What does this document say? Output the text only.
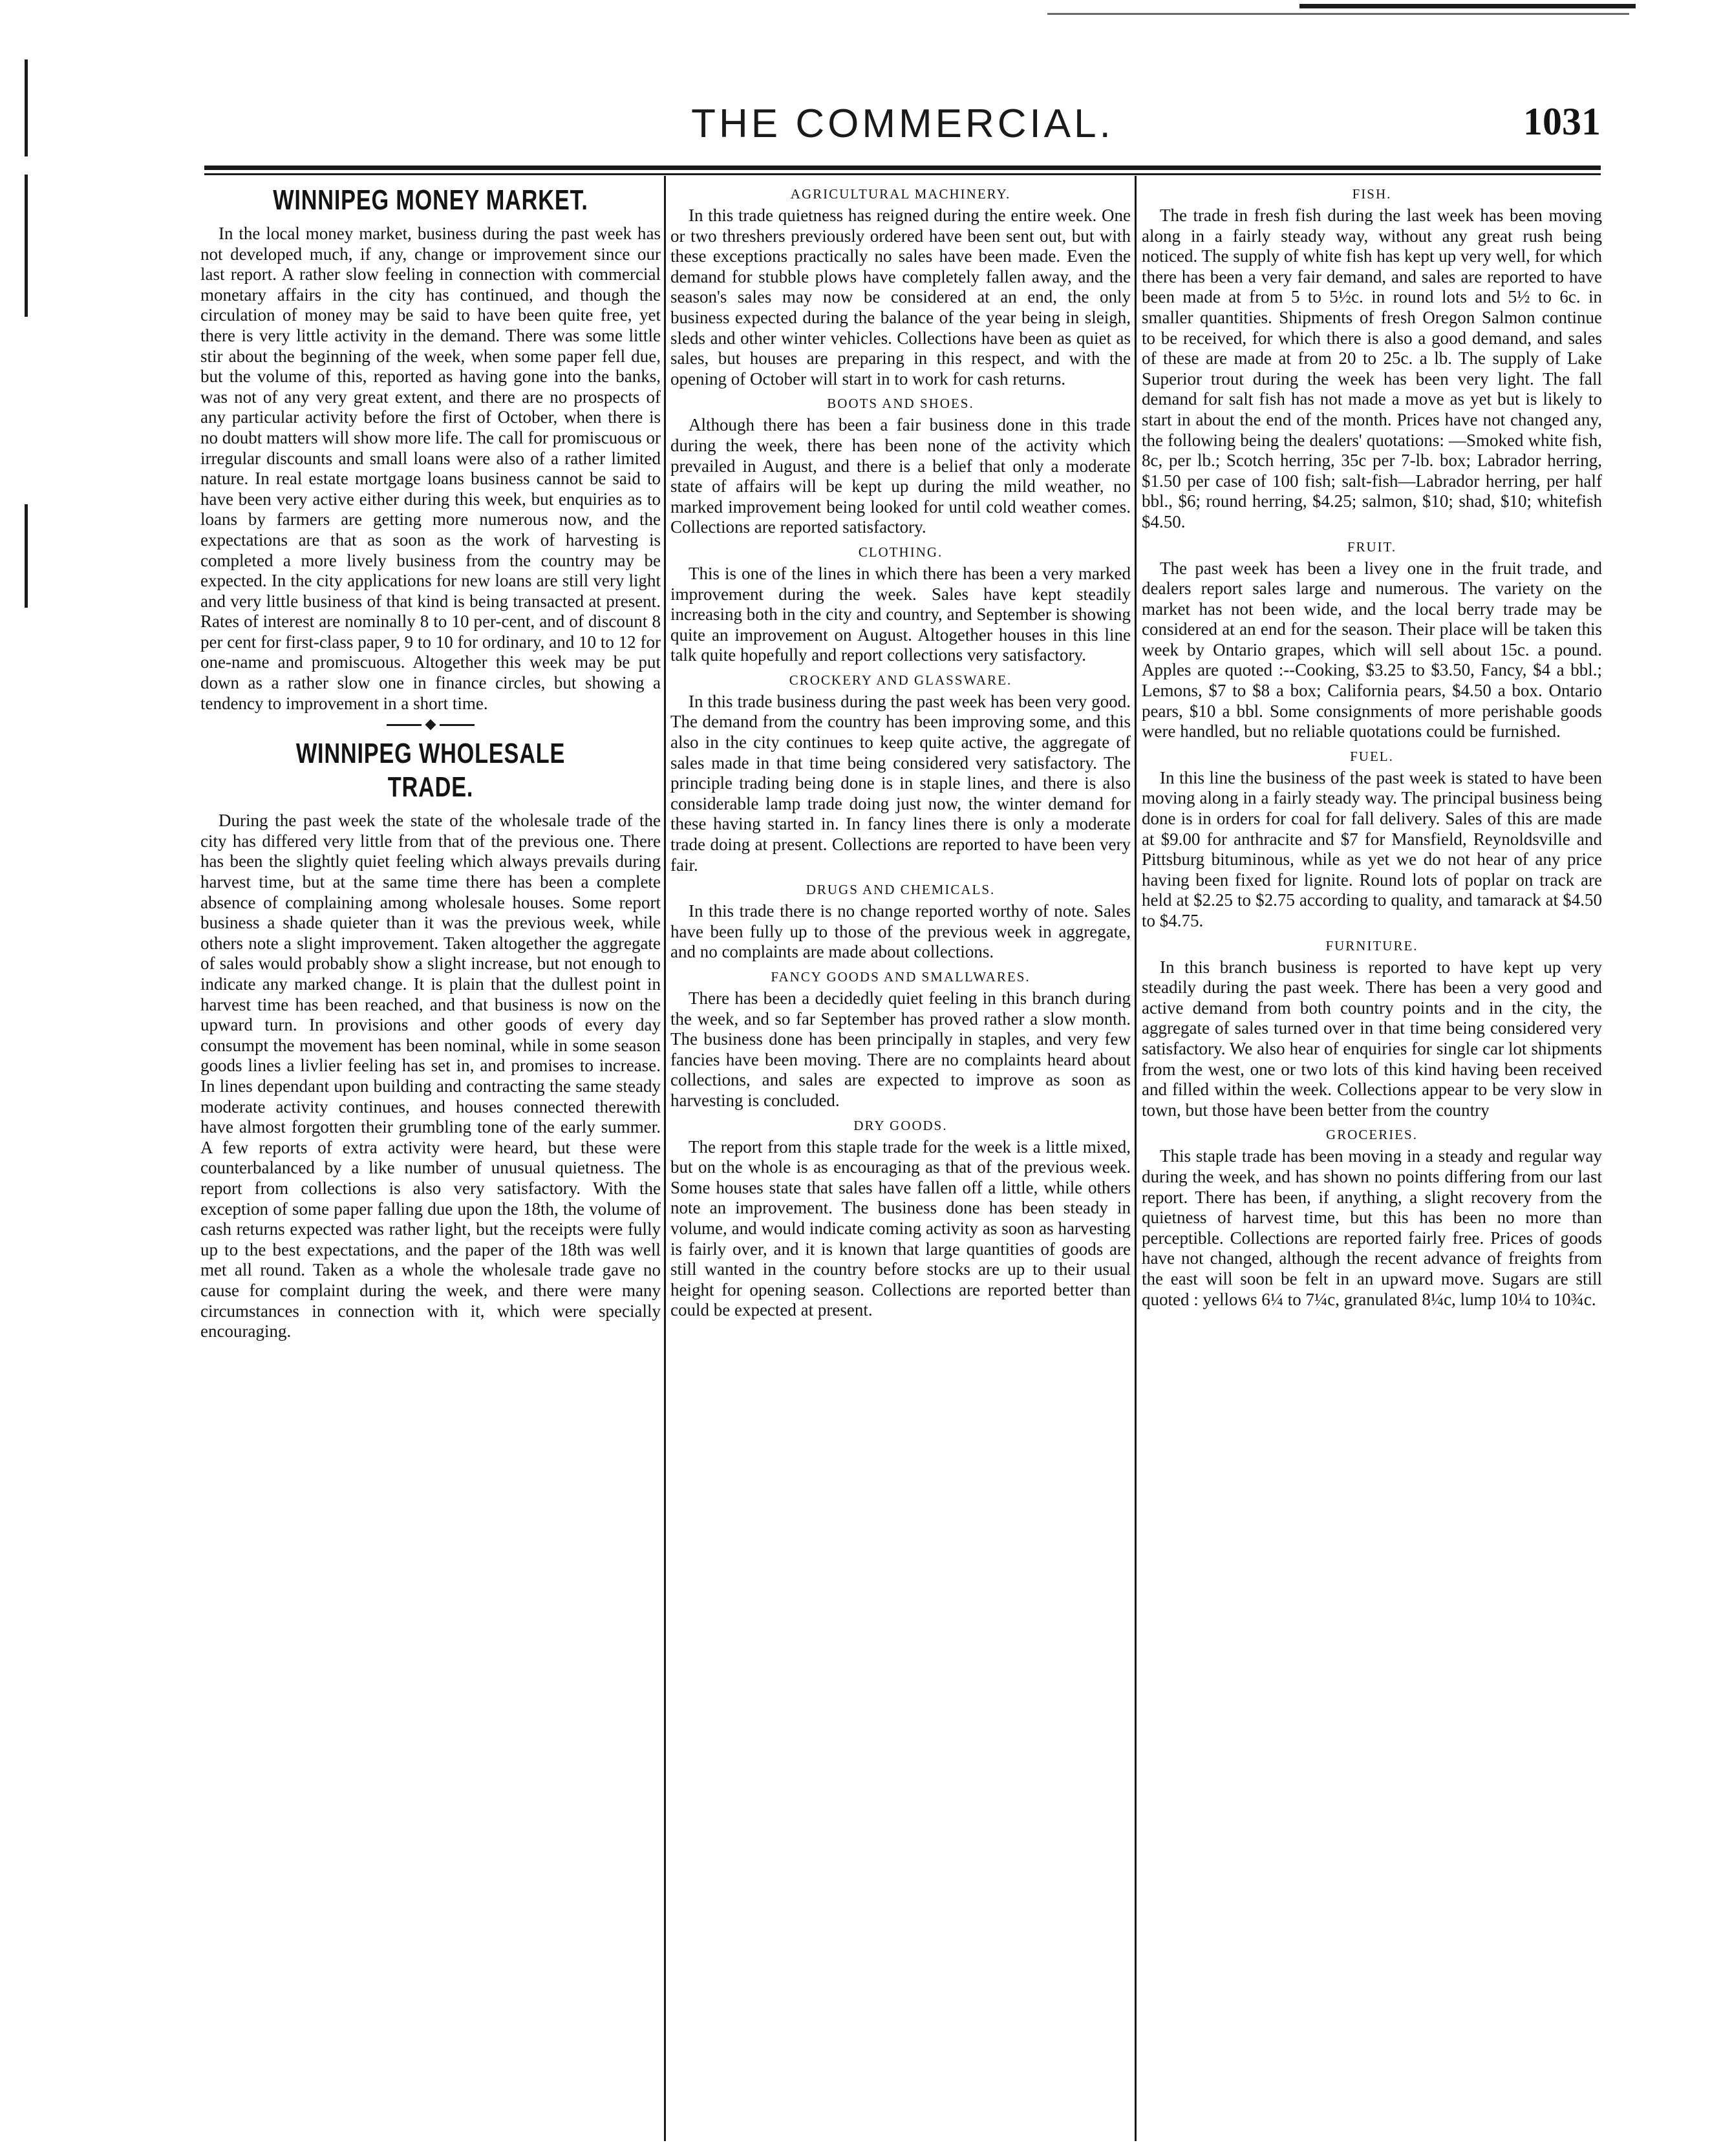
THE COMMERCIAL.	1031
WINNIPEG MONEY MARKET.

In the local money market, business during the past week has not developed much, if any, change or improvement since our last report. A rather slow feeling in connection with commercial monetary affairs in the city has continued, and though the circulation of money may be said to have been quite free, yet there is very little activity in the demand. There was some little stir about the beginning of the week, when some paper fell due, but the volume of this, reported as having gone into the banks, was not of any very great extent, and there are no prospects of any particular activity before the first of October, when there is no doubt matters will show more life. The call for promiscuous or irregular discounts and small loans were also of a rather limited nature. In real estate mortgage loans business cannot be said to have been very active either during this week, but enquiries as to loans by farmers are getting more numerous now, and the expectations are that as soon as the work of harvesting is completed a more lively business from the country may be expected. In the city applications for new loans are still very light and very little business of that kind is being transacted at present. Rates of interest are nominally 8 to 10 per-cent, and of discount 8 per cent for first-class paper, 9 to 10 for ordinary, and 10 to 12 for one-name and promiscuous. Altogether this week may be put down as a rather slow one in finance circles, but showing a tendency to improvement in a short time.

WINNIPEG WHOLESALE TRADE.

During the past week the state of the wholesale trade of the city has differed very little from that of the previous one. There has been the slightly quiet feeling which always prevails during harvest time, but at the same time there has been a complete absence of complaining among wholesale houses. Some report business a shade quieter than it was the previous week, while others note a slight improvement. Taken altogether the aggregate of sales would probably show a slight increase, but not enough to indicate any marked change. It is plain that the dullest point in harvest time has been reached, and that business is now on the upward turn. In provisions and other goods of every day consumpt the movement has been nominal, while in some season goods lines a livlier feeling has set in, and promises to increase. In lines dependant upon building and contracting the same steady moderate activity continues, and houses connected therewith have almost forgotten their grumbling tone of the early summer. A few reports of extra activity were heard, but these were counterbalanced by a like number of unusual quietness. The report from collections is also very satisfactory. With the exception of some paper falling due upon the 18th, the volume of cash returns expected was rather light, but the receipts were fully up to the best expectations, and the paper of the 18th was well met all round. Taken as a whole the wholesale trade gave no cause for complaint during the week, and there were many circumstances in connection with it, which were specially encouraging.

AGRICULTURAL MACHINERY.

In this trade quietness has reigned during the entire week. One or two threshers previously ordered have been sent out, but with these exceptions practically no sales have been made. Even the demand for stubble plows have completely fallen away, and the season's sales may now be considered at an end, the only business expected during the balance of the year being in sleigh, sleds and other winter vehicles. Collections have been as quiet as sales, but houses are preparing in this respect, and with the opening of October will start in to work for cash returns.

BOOTS AND SHOES.

Although there has been a fair business done in this trade during the week, there has been none of the activity which prevailed in August, and there is a belief that only a moderate state of affairs will be kept up during the mild weather, no marked improvement being looked for until cold weather comes. Collections are reported satisfactory.

CLOTHING.

This is one of the lines in which there has been a very marked improvement during the week. Sales have kept steadily increasing both in the city and country, and September is showing quite an improvement on August. Altogether houses in this line talk quite hopefully and report collections very satisfactory.

CROCKERY AND GLASSWARE.

In this trade business during the past week has been very good. The demand from the country has been improving some, and this also in the city continues to keep quite active, the aggregate of sales made in that time being considered very satisfactory. The principle trading being done is in staple lines, and there is also considerable lamp trade doing just now, the winter demand for these having started in. In fancy lines there is only a moderate trade doing at present. Collections are reported to have been very fair.

DRUGS AND CHEMICALS.

In this trade there is no change reported worthy of note. Sales have been fully up to those of the previous week in aggregate, and no complaints are made about collections.

FANCY GOODS AND SMALLWARES.

There has been a decidedly quiet feeling in this branch during the week, and so far September has proved rather a slow month. The business done has been principally in staples, and very few fancies have been moving. There are no complaints heard about collections, and sales are expected to improve as soon as harvesting is concluded.

DRY GOODS.

The report from this staple trade for the week is a little mixed, but on the whole is as encouraging as that of the previous week. Some houses state that sales have fallen off a little, while others note an improvement. The business done has been steady in volume, and would indicate coming activity as soon as harvesting is fairly over, and it is known that large quantities of goods are still wanted in the country before stocks are up to their usual height for opening season. Collections are reported better than could be expected at present.

FISH.

The trade in fresh fish during the last week has been moving along in a fairly steady way, without any great rush being noticed. The supply of white fish has kept up very well, for which there has been a very fair demand, and sales are reported to have been made at from 5 to 5½c. in round lots and 5½ to 6c. in smaller quantities. Shipments of fresh Oregon Salmon continue to be received, for which there is also a good demand, and sales of these are made at from 20 to 25c. a lb. The supply of Lake Superior trout during the week has been very light. The fall demand for salt fish has not made a move as yet but is likely to start in about the end of the month. Prices have not changed any, the following being the dealers' quotations: —Smoked white fish, 8c, per lb.; Scotch herring, 35c per 7-lb. box; Labrador herring, $1.50 per case of 100 fish; salt-fish—Labrador herring, per half bbl., $6; round herring, $4.25; salmon, $10; shad, $10; whitefish $4.50.

FRUIT.

The past week has been a livey one in the fruit trade, and dealers report sales large and numerous. The variety on the market has not been wide, and the local berry trade may be considered at an end for the season. Their place will be taken this week by Ontario grapes, which will sell about 15c. a pound. Apples are quoted :--Cooking, $3.25 to $3.50, Fancy, $4 a bbl.; Lemons, $7 to $8 a box; California pears, $4.50 a box. Ontario pears, $10 a bbl. Some consignments of more perishable goods were handled, but no reliable quotations could be furnished.

FUEL.

In this line the business of the past week is stated to have been moving along in a fairly steady way. The principal business being done is in orders for coal for fall delivery. Sales of this are made at $9.00 for anthracite and $7 for Mansfield, Reynoldsville and Pittsburg bituminous, while as yet we do not hear of any price having been fixed for lignite. Round lots of poplar on track are held at $2.25 to $2.75 according to quality, and tamarack at $4.50 to $4.75.

FURNITURE.

In this branch business is reported to have kept up very steadily during the past week. There has been a very good and active demand from both country points and in the city, the aggregate of sales turned over in that time being considered very satisfactory. We also hear of enquiries for single car lot shipments from the west, one or two lots of this kind having been received and filled within the week. Collections appear to be very slow in town, but those have been better from the country

GROCERIES.

This staple trade has been moving in a steady and regular way during the week, and has shown no points differing from our last report. There has been, if anything, a slight recovery from the quietness of harvest time, but this has been no more than perceptible. Collections are reported fairly free. Prices of goods have not changed, although the recent advance of freights from the east will soon be felt in an upward move. Sugars are still quoted : yellows 6¼ to 7¼c, granulated 8¼c, lump 10¼ to 10¾c.
